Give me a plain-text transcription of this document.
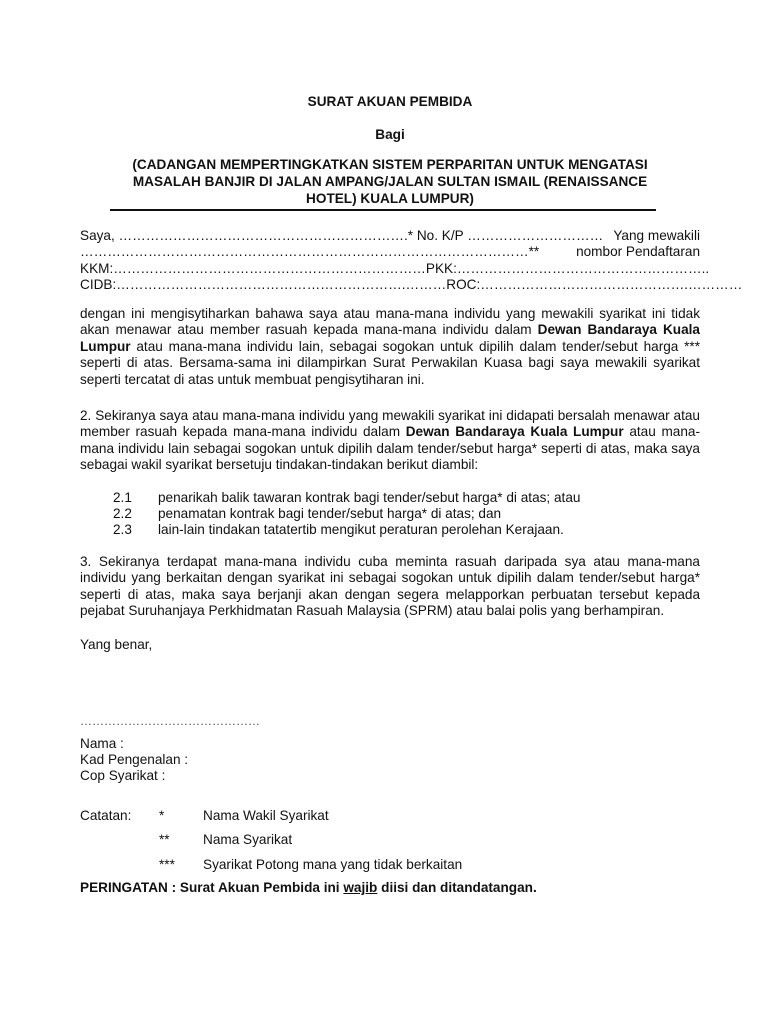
SURAT AKUAN PEMBIDA
Bagi
(CADANGAN MEMPERTINGKATKAN SISTEM PERPARITAN UNTUK MENGATASI
MASALAH BANJIR DI JALAN AMPANG/JALAN SULTAN ISMAIL (RENAISSANCE
HOTEL) KUALA LUMPUR)
Saya, ……………………………………………………….* No. K/P ………………………… Yang mewakili
………………………………………………………………………………………**	nombor Pendaftaran
KKM:……………………………………………………………PKK:…………………………………………… …..
CIDB:……………………………………………………….………ROC:……………………………………….……… …
dengan ini mengisytiharkan bahawa saya atau mana-mana individu yang mewakili syarikat ini tidak akan menawar atau member rasuah kepada mana-mana individu dalam Dewan Bandaraya Kuala Lumpur atau mana-mana individu lain, sebagai sogokan untuk dipilih dalam tender/sebut harga *** seperti di atas. Bersama-sama ini dilampirkan Surat Perwakilan Kuasa bagi saya mewakili syarikat seperti tercatat di atas untuk membuat pengisytiharan ini.
2. Sekiranya saya atau mana-mana individu yang mewakili syarikat ini didapati bersalah menawar atau member rasuah kepada mana-mana individu dalam Dewan Bandaraya Kuala Lumpur atau mana-mana individu lain sebagai sogokan untuk dipilih dalam tender/sebut harga* seperti di atas, maka saya sebagai wakil syarikat bersetuju tindakan-tindakan berikut diambil:
2.1 penarikah balik tawaran kontrak bagi tender/sebut harga* di atas; atau
2.2 penamatan kontrak bagi tender/sebut harga* di atas; dan
2.3 lain-lain tindakan tatatertib mengikut peraturan perolehan Kerajaan.
3. Sekiranya terdapat mana-mana individu cuba meminta rasuah daripada sya atau mana-mana individu yang berkaitan dengan syarikat ini sebagai sogokan untuk dipilih dalam tender/sebut harga* seperti di atas, maka saya berjanji akan dengan segera melapporkan perbuatan tersebut kepada pejabat Suruhanjaya Perkhidmatan Rasuah Malaysia (SPRM) atau balai polis yang berhampiran.
Yang benar,
………………………………………
Nama :
Kad Pengenalan :
Cop Syarikat :
Catatan: *	Nama Wakil Syarikat
** Nama Syarikat
*** Syarikat Potong mana yang tidak berkaitan
PERINGATAN : Surat Akuan Pembida ini wajib diisi dan ditandatangan.
